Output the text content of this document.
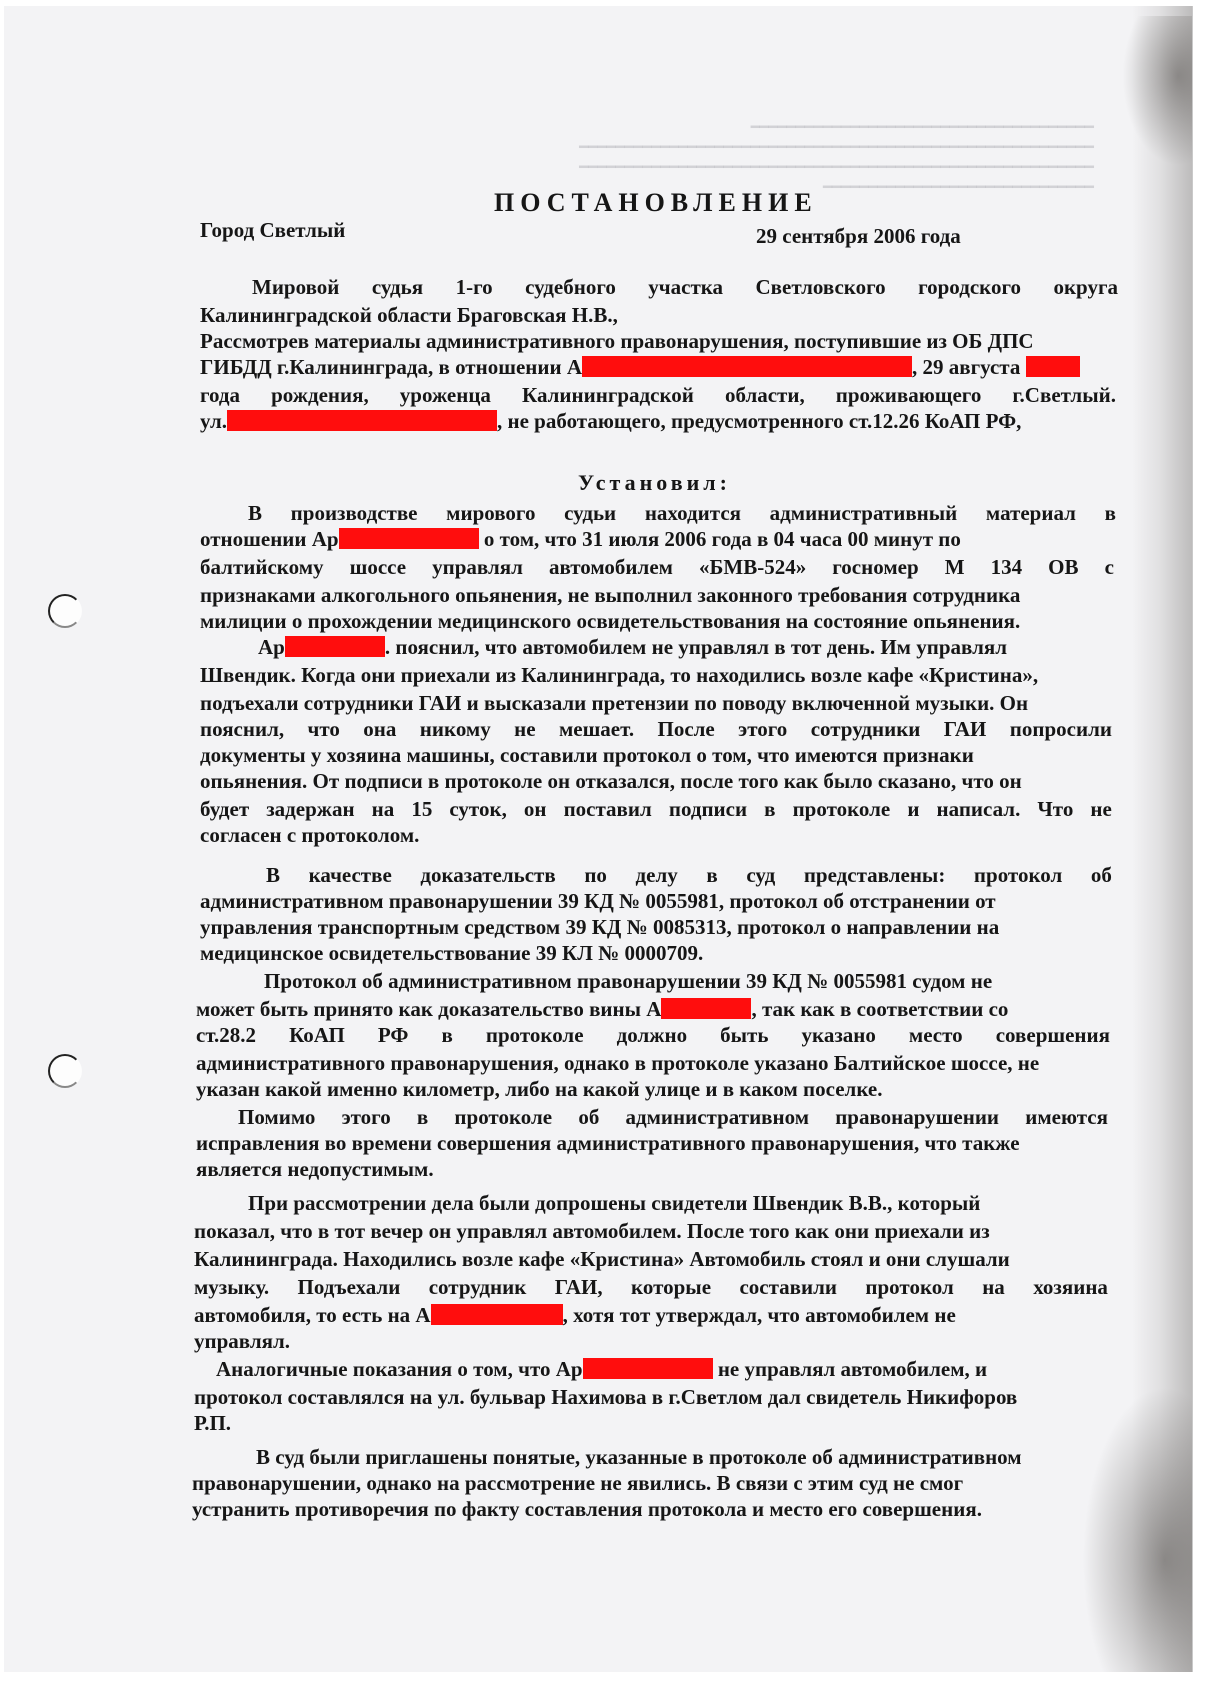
━━━━━━━━━━━━━━━━━━━━━━━━━━━━━━━━━━━━━━
━━━━━━━━━━━━━━━━━━━━━━━━━━━━━━━━━━━━━━━━━━━━━━━━━━━━━━━━━
━━━━━━━━━━━━━━━━━━━━━━━━━━━━━━━━━━━━━━━━━━━━━━━━━━━━━━━━━
━━━━━━━━━━━━━━━━━━━━━━━━━━━━━━

ПОСТАНОВЛЕНИЕ
Город Светлый	29 сентября 2006 года
Мировой судья 1-го судебного участка Светловского городского округа
Калининградской области Браговская Н.В.,
Рассмотрев материалы административного правонарушения, поступившие из ОБ ДПС
ГИБДД г.Калининграда, в отношении А	, 29 августа
года рождения, уроженца Калининградской области, проживающего г.Светлый.
ул.	, не работающего, предусмотренного ст.12.26 КоАП РФ,
Установил:
В производстве мирового судьи находится административный материал в
отношении Ар	о том, что 31 июля 2006 года в 04 часа 00 минут по
балтийскому шоссе управлял автомобилем «БМВ-524» госномер М 134 ОВ с
признаками алкогольного опьянения, не выполнил законного требования сотрудника
милиции о прохождении медицинского освидетельствования на состояние опьянения.
Ар	. пояснил, что автомобилем не управлял в тот день. Им управлял
Швендик. Когда они приехали из Калининграда, то находились возле кафе «Кристина»,
подъехали сотрудники ГАИ и высказали претензии по поводу включенной музыки. Он
пояснил, что она никому не мешает. После этого сотрудники ГАИ попросили
документы у хозяина машины, составили протокол о том, что имеются признаки
опьянения. От подписи в протоколе он отказался, после того как было сказано, что он
будет задержан на 15 суток, он поставил подписи в протоколе и написал. Что не
согласен с протоколом.
В качестве доказательств по делу в суд представлены: протокол об
административном правонарушении 39 КД № 0055981, протокол об отстранении от
управления транспортным средством 39 КД № 0085313, протокол о направлении на
медицинское освидетельствование 39 КЛ № 0000709.
Протокол об административном правонарушении 39 КД № 0055981 судом не
может быть принято как доказательство вины А	, так как в соответствии со
ст.28.2 КоАП РФ в протоколе должно быть указано место совершения
административного правонарушения, однако в протоколе указано Балтийское шоссе, не
указан какой именно километр, либо на какой улице и в каком поселке.
Помимо этого в протоколе об административном правонарушении имеются
исправления во времени совершения административного правонарушения, что также
является недопустимым.
При рассмотрении дела были допрошены свидетели Швендик В.В., который
показал, что в тот вечер он управлял автомобилем. После того как они приехали из
Калининграда. Находились возле кафе «Кристина» Автомобиль стоял и они слушали
музыку. Подъехали сотрудник ГАИ, которые составили протокол на хозяина
автомобиля, то есть на А	, хотя тот утверждал, что автомобилем не
управлял.
Аналогичные показания о том, что Ар	не управлял автомобилем, и
протокол составлялся на ул. бульвар Нахимова в г.Светлом дал свидетель Никифоров
Р.П.
В суд были приглашены понятые, указанные в протоколе об административном
правонарушении, однако на рассмотрение не явились. В связи с этим суд не смог
устранить противоречия по факту составления протокола и место его совершения.
